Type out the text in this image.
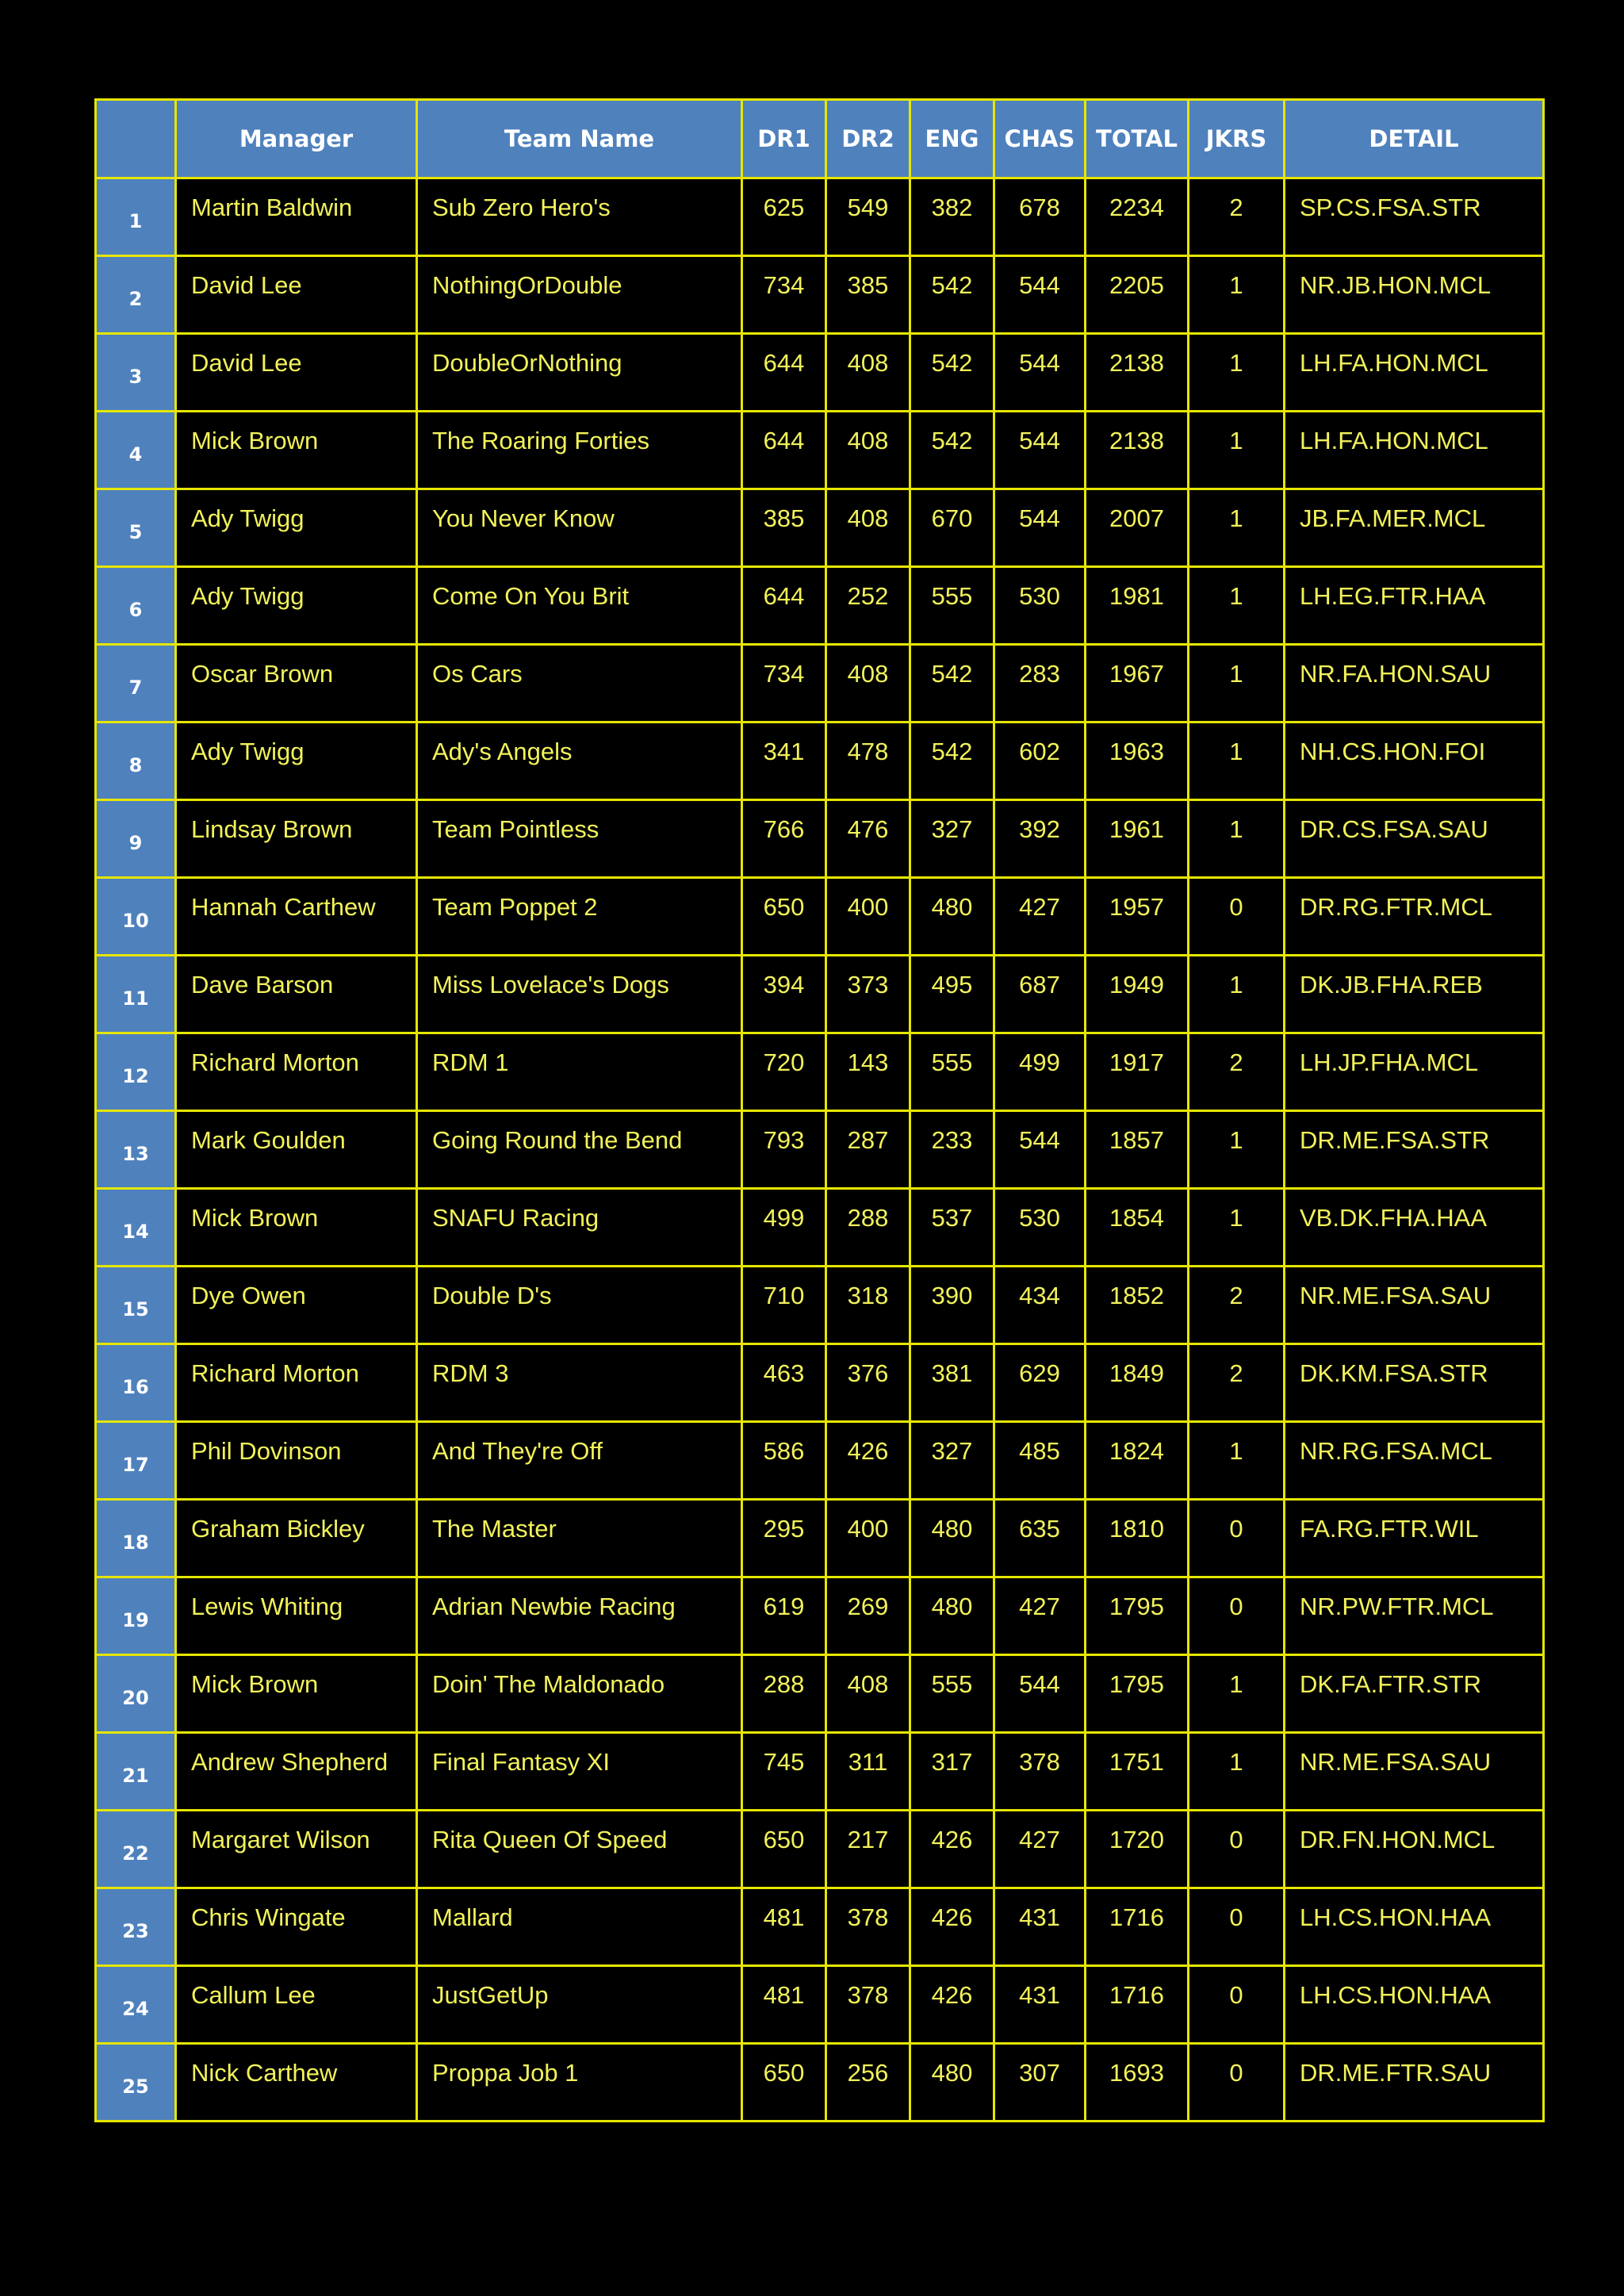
	Manager	Team Name	DR1	DR2	ENG	CHAS	TOTAL	JKRS	DETAIL
1	Martin Baldwin	Sub Zero Hero's	625	549	382	678	2234	2	SP.CS.FSA.STR
2	David Lee	NothingOrDouble	734	385	542	544	2205	1	NR.JB.HON.MCL
3	David Lee	DoubleOrNothing	644	408	542	544	2138	1	LH.FA.HON.MCL
4	Mick Brown	The Roaring Forties	644	408	542	544	2138	1	LH.FA.HON.MCL
5	Ady Twigg	You Never Know	385	408	670	544	2007	1	JB.FA.MER.MCL
6	Ady Twigg	Come On You Brit	644	252	555	530	1981	1	LH.EG.FTR.HAA
7	Oscar Brown	Os Cars	734	408	542	283	1967	1	NR.FA.HON.SAU
8	Ady Twigg	Ady's Angels	341	478	542	602	1963	1	NH.CS.HON.FOI
9	Lindsay Brown	Team Pointless	766	476	327	392	1961	1	DR.CS.FSA.SAU
10	Hannah Carthew	Team Poppet 2	650	400	480	427	1957	0	DR.RG.FTR.MCL
11	Dave Barson	Miss Lovelace's Dogs	394	373	495	687	1949	1	DK.JB.FHA.REB
12	Richard Morton	RDM 1	720	143	555	499	1917	2	LH.JP.FHA.MCL
13	Mark Goulden	Going Round the Bend	793	287	233	544	1857	1	DR.ME.FSA.STR
14	Mick Brown	SNAFU Racing	499	288	537	530	1854	1	VB.DK.FHA.HAA
15	Dye Owen	Double D's	710	318	390	434	1852	2	NR.ME.FSA.SAU
16	Richard Morton	RDM 3	463	376	381	629	1849	2	DK.KM.FSA.STR
17	Phil Dovinson	And They're Off	586	426	327	485	1824	1	NR.RG.FSA.MCL
18	Graham Bickley	The Master	295	400	480	635	1810	0	FA.RG.FTR.WIL
19	Lewis Whiting	Adrian Newbie Racing	619	269	480	427	1795	0	NR.PW.FTR.MCL
20	Mick Brown	Doin' The Maldonado	288	408	555	544	1795	1	DK.FA.FTR.STR
21	Andrew Shepherd	Final Fantasy XI	745	311	317	378	1751	1	NR.ME.FSA.SAU
22	Margaret Wilson	Rita Queen Of Speed	650	217	426	427	1720	0	DR.FN.HON.MCL
23	Chris Wingate	Mallard	481	378	426	431	1716	0	LH.CS.HON.HAA
24	Callum Lee	JustGetUp	481	378	426	431	1716	0	LH.CS.HON.HAA
25	Nick Carthew	Proppa Job 1	650	256	480	307	1693	0	DR.ME.FTR.SAU
